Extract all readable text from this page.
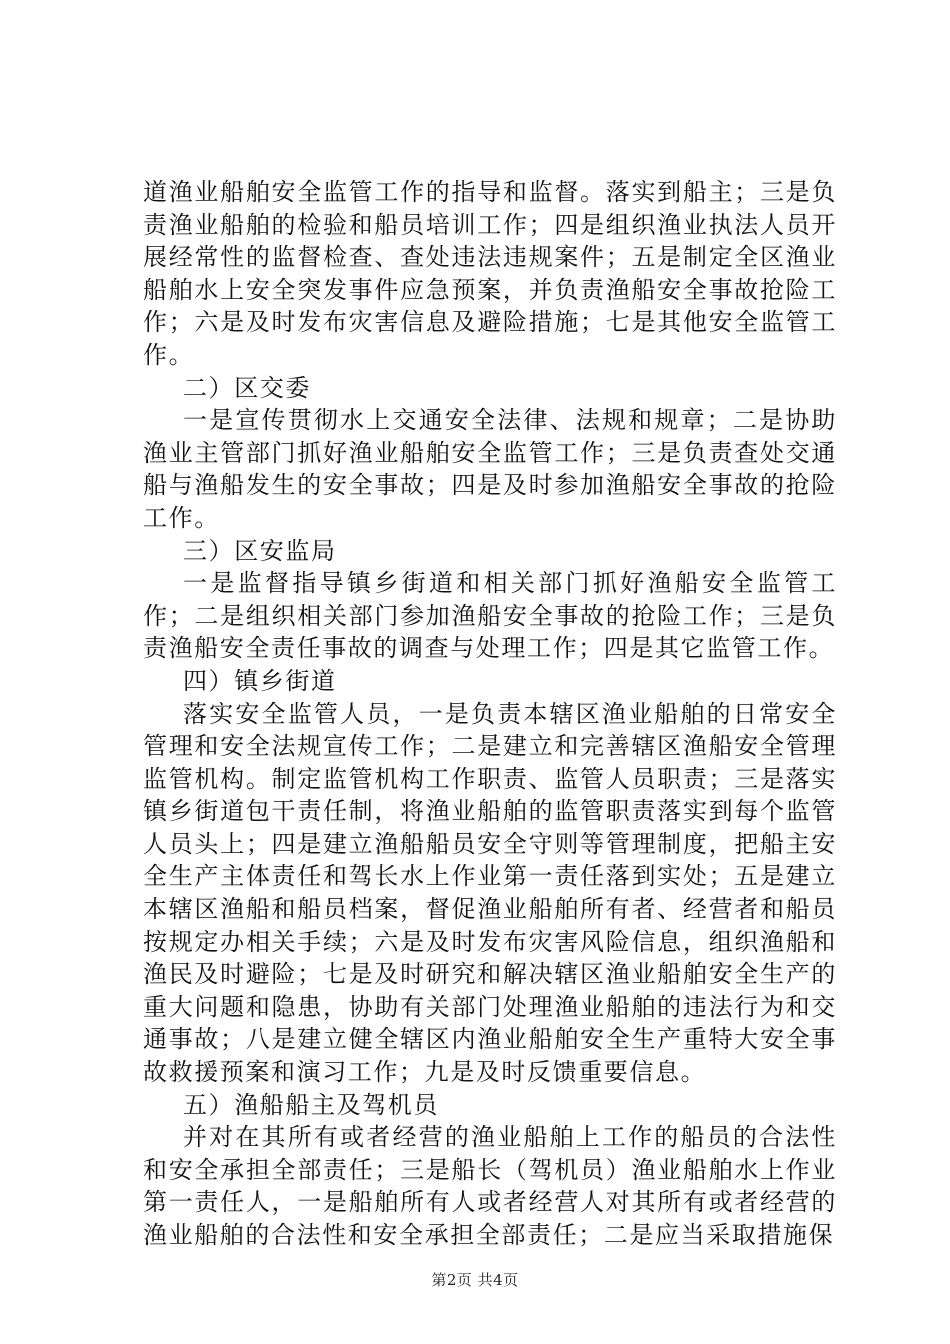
道渔业船舶安全监管工作的指导和监督。落实到船主；三是负责渔业船舶的检验和船员培训工作；四是组织渔业执法人员开展经常性的监督检查、查处违法违规案件；五是制定全区渔业船舶水上安全突发事件应急预案，并负责渔船安全事故抢险工作；六是及时发布灾害信息及避险措施；七是其他安全监管工作。

二）区交委

一是宣传贯彻水上交通安全法律、法规和规章；二是协助渔业主管部门抓好渔业船舶安全监管工作；三是负责查处交通船与渔船发生的安全事故；四是及时参加渔船安全事故的抢险工作。

三）区安监局

一是监督指导镇乡街道和相关部门抓好渔船安全监管工作；二是组织相关部门参加渔船安全事故的抢险工作；三是负责渔船安全责任事故的调查与处理工作；四是其它监管工作。

四）镇乡街道

落实安全监管人员，一是负责本辖区渔业船舶的日常安全管理和安全法规宣传工作；二是建立和完善辖区渔船安全管理监管机构。制定监管机构工作职责、监管人员职责；三是落实镇乡街道包干责任制，将渔业船舶的监管职责落实到每个监管人员头上；四是建立渔船船员安全守则等管理制度，把船主安全生产主体责任和驾长水上作业第一责任落到实处；五是建立本辖区渔船和船员档案，督促渔业船舶所有者、经营者和船员按规定办相关手续；六是及时发布灾害风险信息，组织渔船和渔民及时避险；七是及时研究和解决辖区渔业船舶安全生产的重大问题和隐患，协助有关部门处理渔业船舶的违法行为和交通事故；八是建立健全辖区内渔业船舶安全生产重特大安全事故救援预案和演习工作；九是及时反馈重要信息。

五）渔船船主及驾机员

并对在其所有或者经营的渔业船舶上工作的船员的合法性和安全承担全部责任；三是船长（驾机员）渔业船舶水上作业第一责任人，一是船舶所有人或者经营人对其所有或者经营的渔业船舶的合法性和安全承担全部责任；二是应当采取措施保

第2页 共4页
